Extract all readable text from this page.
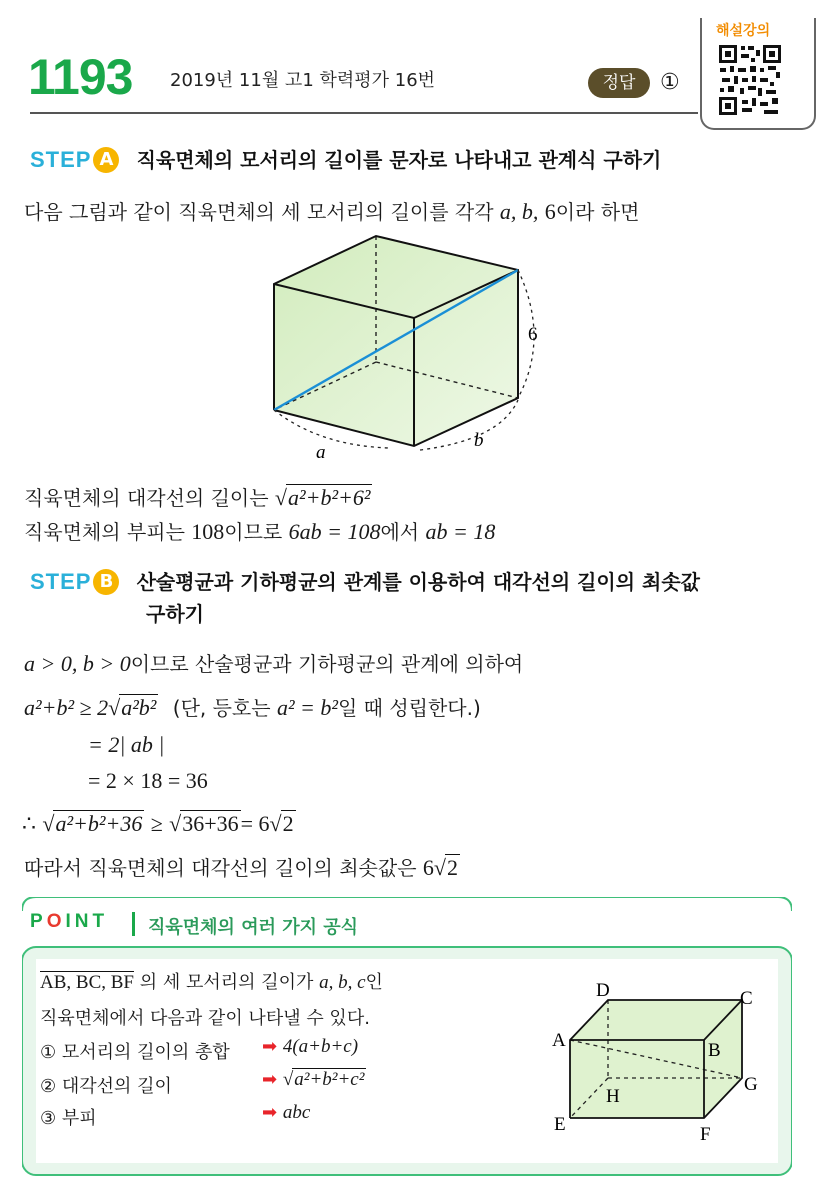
1193 2019년 11월 고1 학력평가 16번	정답	①
해설강의
STEP A 직육면체의 모서리의 길이를 문자로 나타내고 관계식 구하기
다음 그림과 같이 직육면체의 세 모서리의 길이를 각각 a, b, 6이라 하면
6
a
b
직육면체의 대각선의 길이는 √a²+b²+6²
직육면체의 부피는 108이므로 6ab = 108에서 ab = 18
STEP B 산술평균과 기하평균의 관계를 이용하여 대각선의 길이의 최솟값
구하기
a > 0, b > 0이므로 산술평균과 기하평균의 관계에 의하여
a²+b² ≥ 2√a²b² (단, 등호는 a² = b²일 때 성립한다.)
= 2| ab |
= 2 × 18 = 36
∴ √a²+b²+36 ≥ √36+36= 6√2
따라서 직육면체의 대각선의 길이의 최솟값은 6√2
POINT 직육면체의 여러 가지 공식
AB, BC, BF 의 세 모서리의 길이가 a, b, c인
직육면체에서 다음과 같이 나타낼 수 있다.
① 모서리의 길이의 총합 ➡ 4(a+b+c)
② 대각선의 길이	➡ √a²+b²+c²
③ 부피	➡ abc
D	C
A	B
H
G
E	F
